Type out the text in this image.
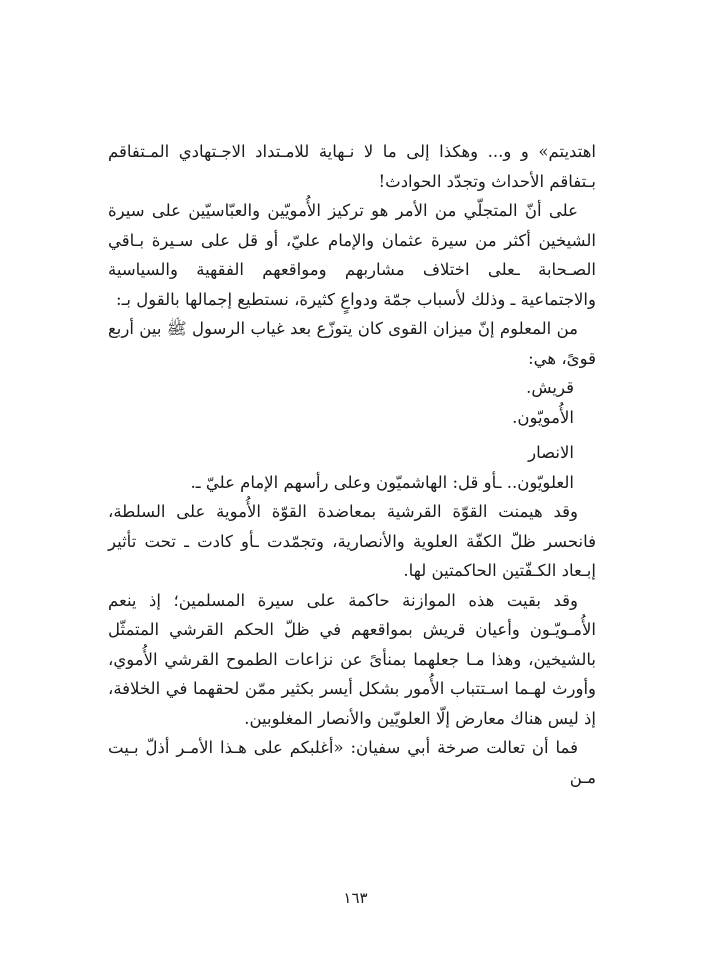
اهتديتم» و و... وهكذا إلى ما لا نـهاية للامـتداد الاجـتهادي المـتفاقم بـتفاقم الأحداث وتجدّد الحوادث!

على أنّ المتجلّي من الأمر هو تركيز الأُمويّين والعبّاسيّين على سيرة الشيخين أكثر من سيرة عثمان والإمام عليّ، أو قل على سـيرة بـاقي الصـحابة ـعلى اختلاف مشاربهم ومواقعهم الفقهية والسياسية والاجتماعية ـ وذلك لأسباب جمّة ودواعٍ كثيرة، نستطيع إجمالها بالقول بـ:

من المعلوم إنّ ميزان القوى كان يتوزّع بعد غياب الرسول ﷺ بين أربع قوىً، هي:

قريش.

الأُمويّون.

الانصار

العلويّون.. ـأو قل: الهاشميّون وعلى رأسهم الإمام عليّ ـ.

وقد هيمنت القوّة القرشية بمعاضدة القوّة الأُموية على السلطة، فانحسر ظلّ الكفّة العلوية والأنصارية، وتجمّدت ـأو كادت ـ تحت تأثير إبـعاد الكـفّتين الحاكمتين لها.

وقد بقيت هذه الموازنة حاكمة على سيرة المسلمين؛ إذ ينعم الأُمـويّـون وأعيان قريش بمواقعهم في ظلّ الحكم القرشي المتمثّل بالشيخين، وهذا مـا جعلهما بمنأىً عن نزاعات الطموح القرشي الأُموي، وأورث لهـما اسـتتباب الأُمور بشكل أيسر بكثير ممّن لحقهما في الخلافة، إذ ليس هناك معارض إلّا العلويّين والأنصار المغلوبين.

فما أن تعالت صرخة أبي سفيان: «أغلبكم على هـذا الأمـر أذلّ بـيت مـن

١٦٣
